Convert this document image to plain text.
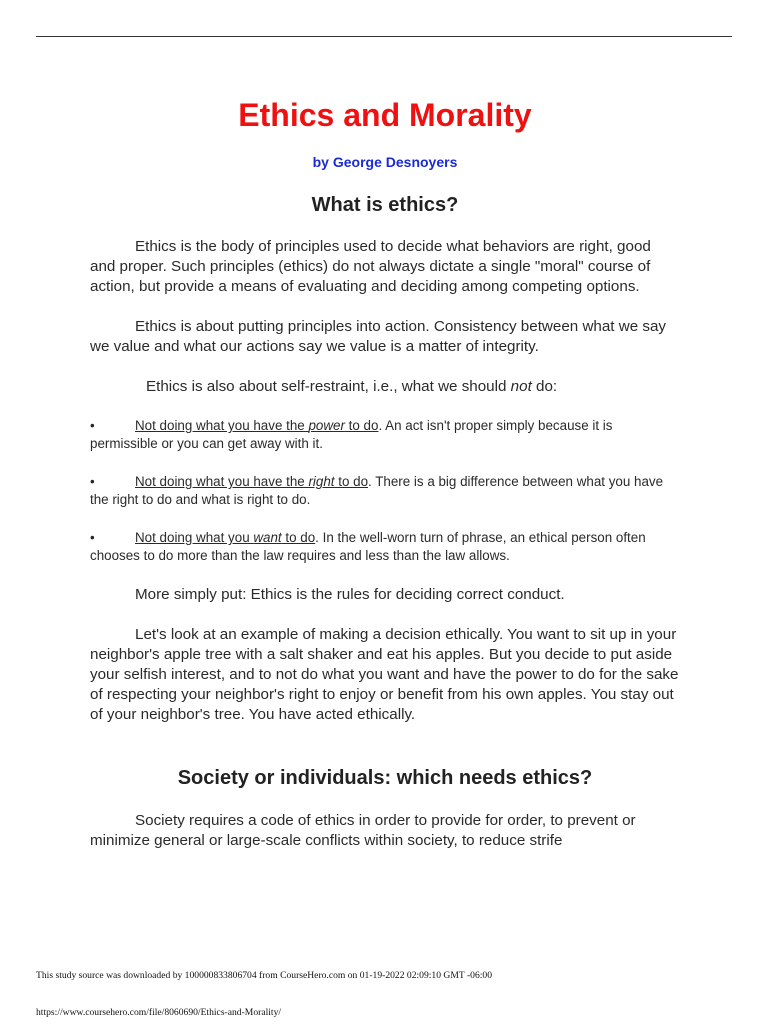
Ethics and Morality
by George Desnoyers
What is ethics?

Ethics is the body of principles used to decide what behaviors are right, good and proper. Such principles (ethics) do not always dictate a single "moral" course of action, but provide a means of evaluating and deciding among competing options.

Ethics is about putting principles into action. Consistency between what we say we value and what our actions say we value is a matter of integrity.

Ethics is also about self-restraint, i.e., what we should not do:

•	Not doing what you have the power to do. An act isn't proper simply because it is permissible or you can get away with it.

•	Not doing what you have the right to do. There is a big difference between what you have the right to do and what is right to do.

•	Not doing what you want to do. In the well-worn turn of phrase, an ethical person often chooses to do more than the law requires and less than the law allows.

More simply put: Ethics is the rules for deciding correct conduct.

Let's look at an example of making a decision ethically. You want to sit up in your neighbor's apple tree with a salt shaker and eat his apples. But you decide to put aside your selfish interest, and to not do what you want and have the power to do for the sake of respecting your neighbor's right to enjoy or benefit from his own apples. You stay out of your neighbor's tree. You have acted ethically.

Society or individuals: which needs ethics?

Society requires a code of ethics in order to provide for order, to prevent or minimize general or large-scale conflicts within society, to reduce strife

This study source was downloaded by 100000833806704 from CourseHero.com on 01-19-2022 02:09:10 GMT -06:00
https://www.coursehero.com/file/8060690/Ethics-and-Morality/
